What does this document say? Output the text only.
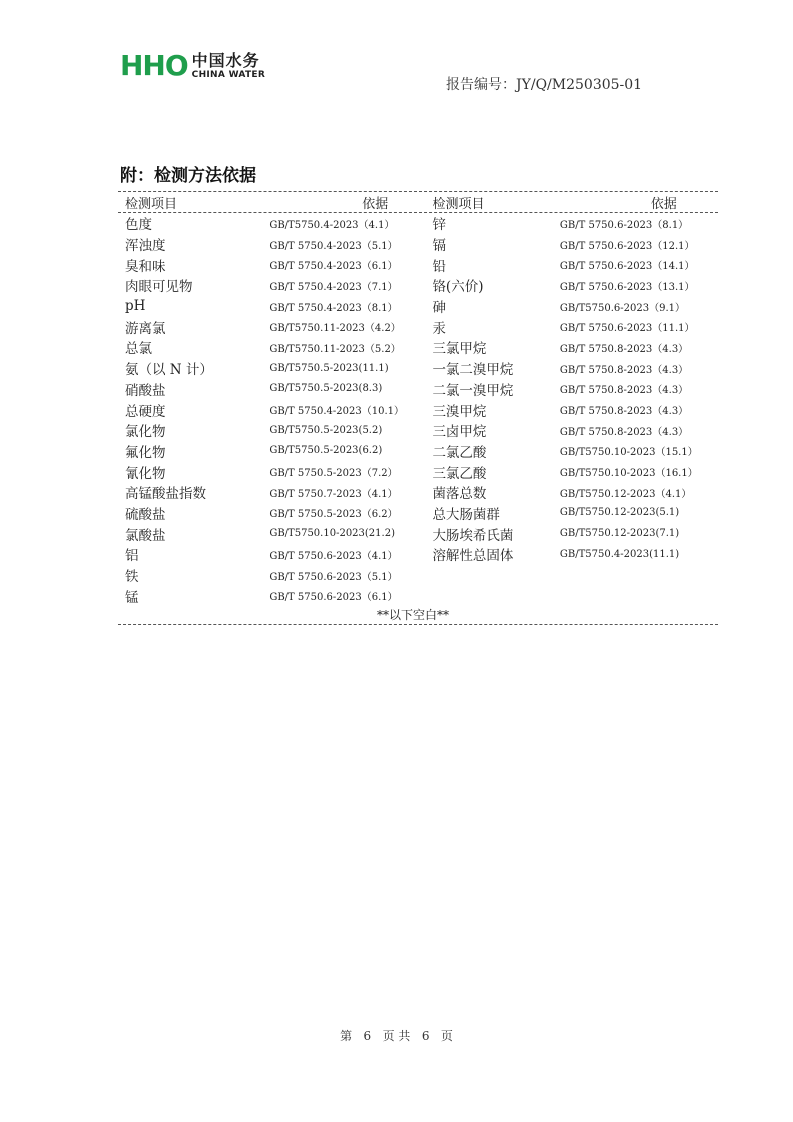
HHO 中国水务
CHINA WATER
报告编号：JY/Q/M250305-01
附：检测方法依据
检测项目	依据	检测项目	依据
色度	GB/T5750.4-2023（4.1）	锌	GB/T 5750.6-2023（8.1）
浑浊度	GB/T 5750.4-2023（5.1）	镉	GB/T 5750.6-2023（12.1）
臭和味	GB/T 5750.4-2023（6.1）	铅	GB/T 5750.6-2023（14.1）
肉眼可见物	GB/T 5750.4-2023（7.1）	铬(六价)	GB/T 5750.6-2023（13.1）
pH	GB/T 5750.4-2023（8.1）	砷	GB/T5750.6-2023（9.1）
游离氯	GB/T5750.11-2023（4.2）	汞	GB/T 5750.6-2023（11.1）
总氯	GB/T5750.11-2023（5.2）	三氯甲烷	GB/T 5750.8-2023（4.3）
氨（以 N 计）	GB/T5750.5-2023(11.1)	一氯二溴甲烷	GB/T 5750.8-2023（4.3）
硝酸盐	GB/T5750.5-2023(8.3)	二氯一溴甲烷	GB/T 5750.8-2023（4.3）
总硬度	GB/T 5750.4-2023（10.1）	三溴甲烷	GB/T 5750.8-2023（4.3）
氯化物	GB/T5750.5-2023(5.2)	三卤甲烷	GB/T 5750.8-2023（4.3）
氟化物	GB/T5750.5-2023(6.2)	二氯乙酸	GB/T5750.10-2023（15.1）
氰化物	GB/T 5750.5-2023（7.2）	三氯乙酸	GB/T5750.10-2023（16.1）
高锰酸盐指数	GB/T 5750.7-2023（4.1）	菌落总数	GB/T5750.12-2023（4.1）
硫酸盐	GB/T 5750.5-2023（6.2）	总大肠菌群	GB/T5750.12-2023(5.1)
氯酸盐	GB/T5750.10-2023(21.2)	大肠埃希氏菌	GB/T5750.12-2023(7.1)
铝	GB/T 5750.6-2023（4.1）	溶解性总固体	GB/T5750.4-2023(11.1)
铁	GB/T 5750.6-2023（5.1）
锰	GB/T 5750.6-2023（6.1）
**以下空白**
第   6   页 共   6   页
